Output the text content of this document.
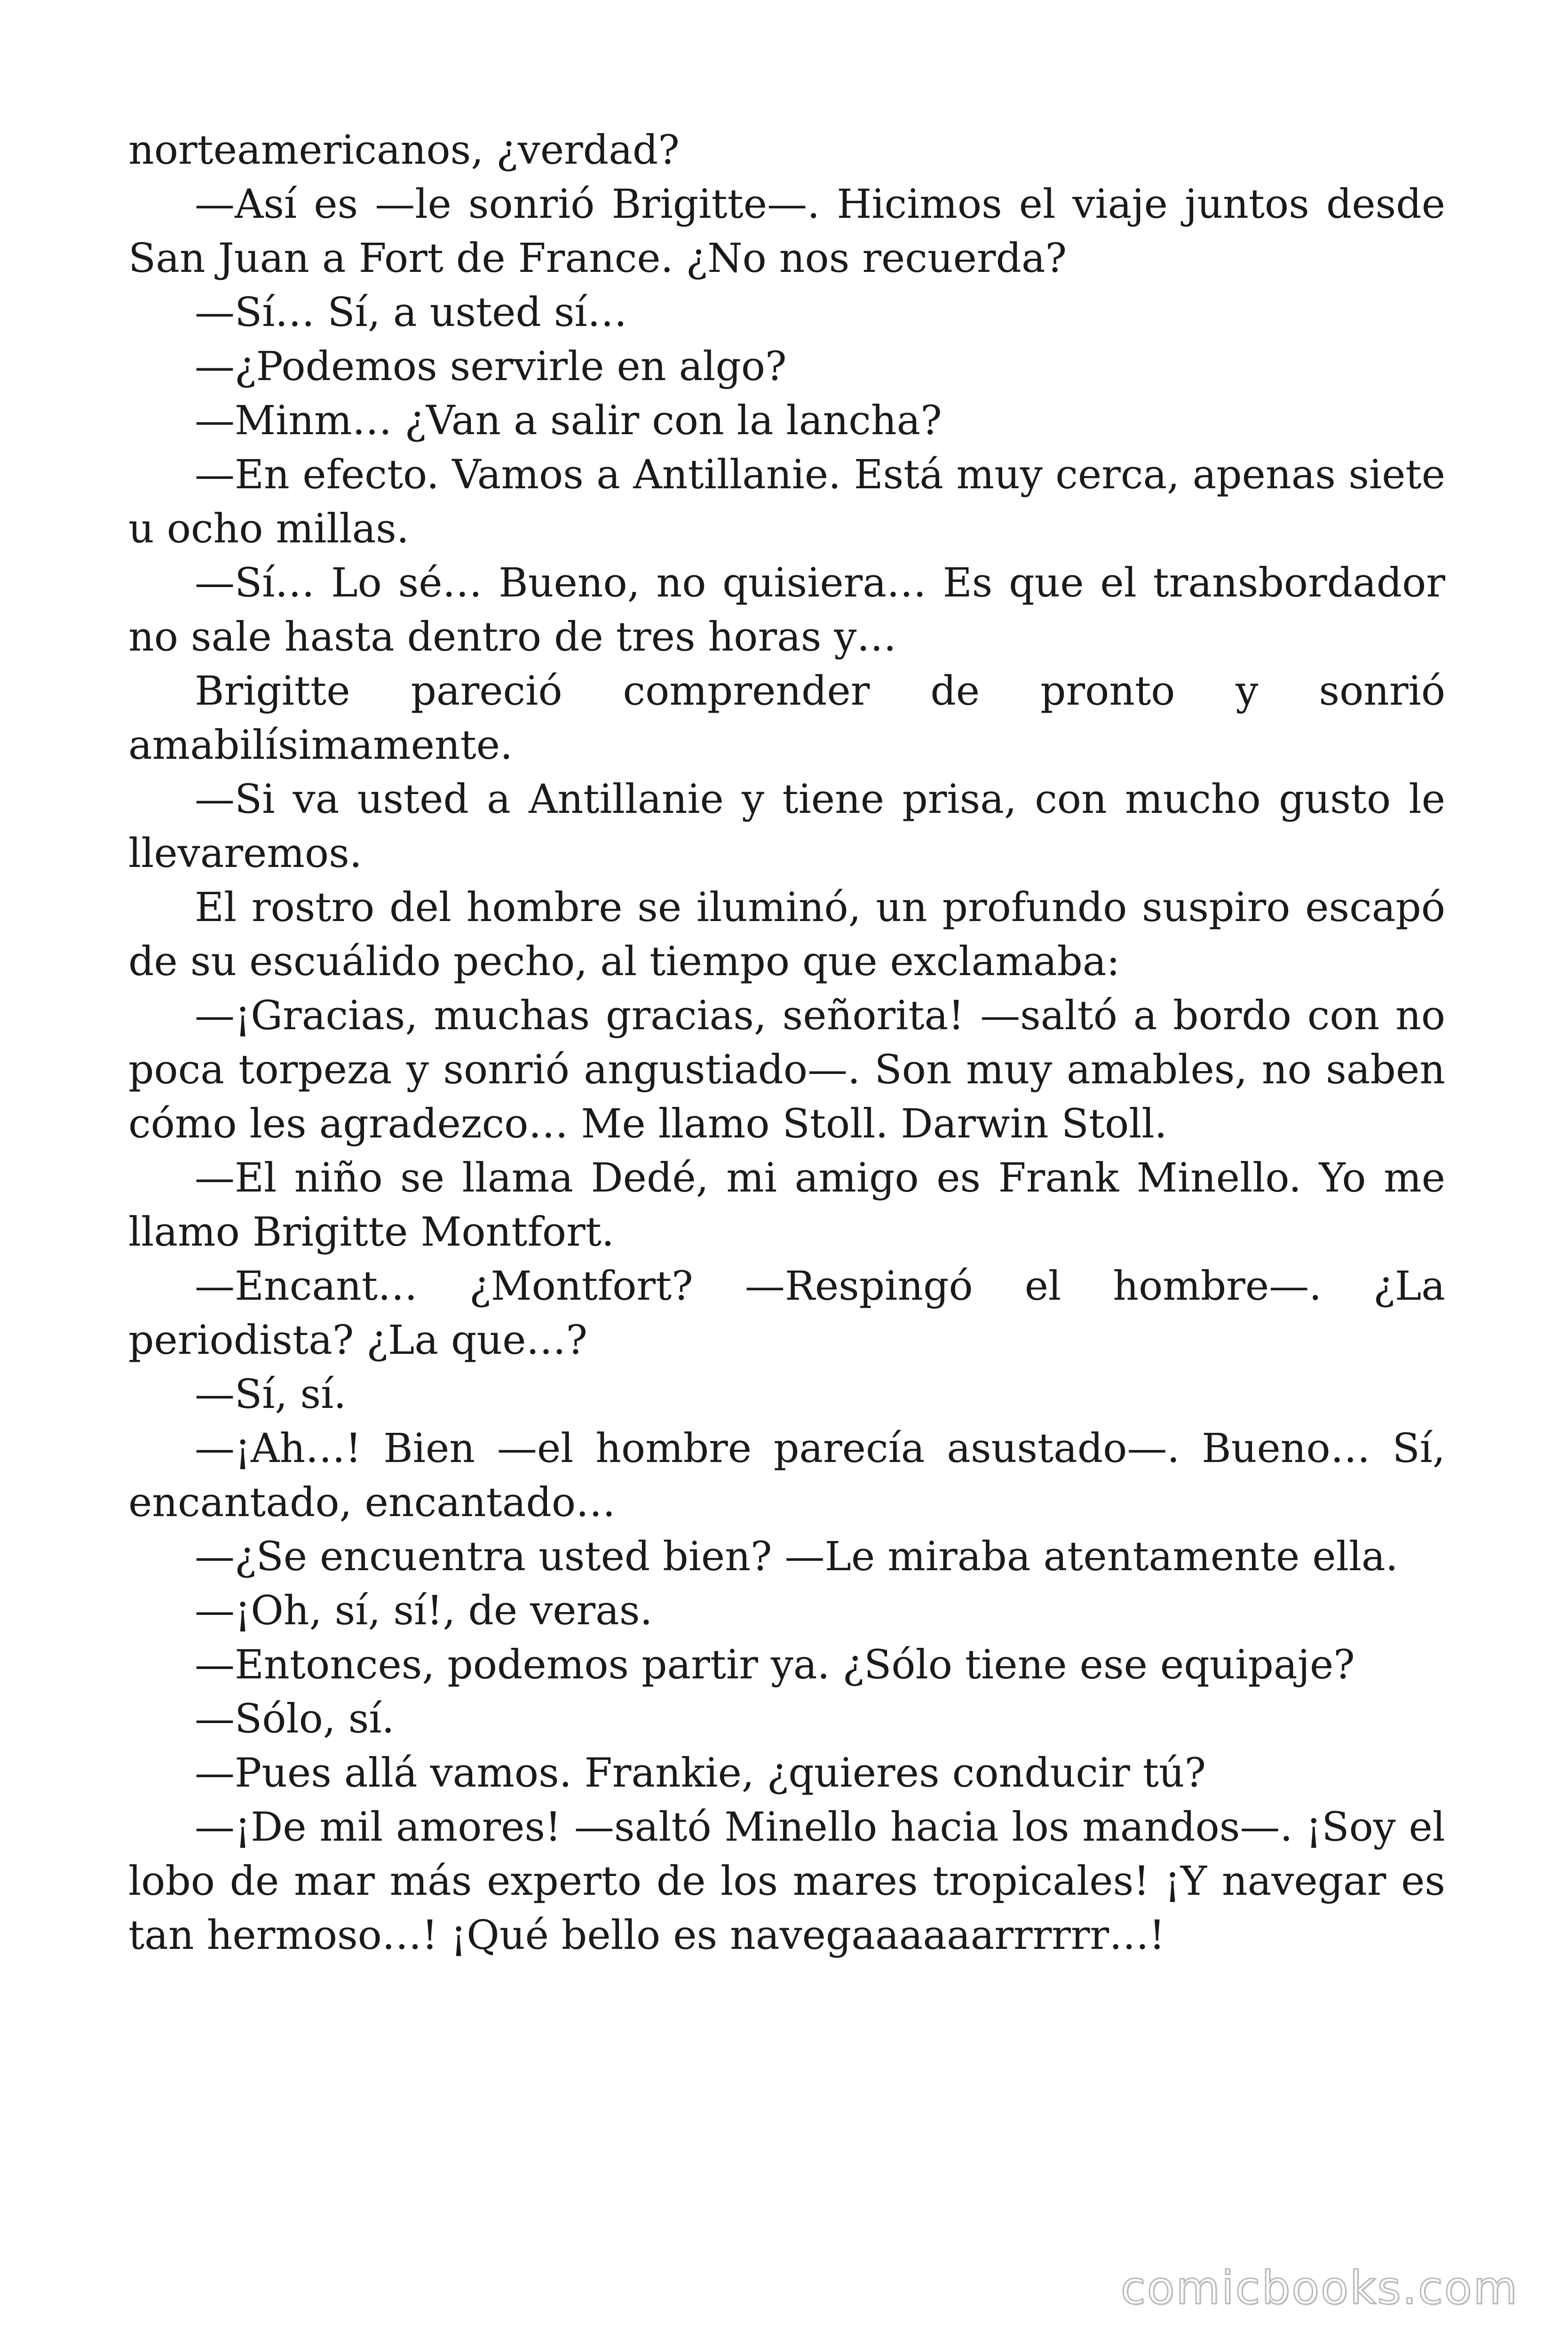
norteamericanos, ¿verdad?

—Así es —le sonrió Brigitte—. Hicimos el viaje juntos desde San Juan a Fort de France. ¿No nos recuerda?

—Sí… Sí, a usted sí…

—¿Podemos servirle en algo?

—Minm… ¿Van a salir con la lancha?

—En efecto. Vamos a Antillanie. Está muy cerca, apenas siete u ocho millas.

—Sí… Lo sé… Bueno, no quisiera… Es que el transbordador no sale hasta dentro de tres horas y…

Brigitte pareció comprender de pronto y sonrió amabilísimamente.

—Si va usted a Antillanie y tiene prisa, con mucho gusto le llevaremos.

El rostro del hombre se iluminó, un profundo suspiro escapó de su escuálido pecho, al tiempo que exclamaba:

—¡Gracias, muchas gracias, señorita! —saltó a bordo con no poca torpeza y sonrió angustiado—. Son muy amables, no saben cómo les agradezco… Me llamo Stoll. Darwin Stoll.

—El niño se llama Dedé, mi amigo es Frank Minello. Yo me llamo Brigitte Montfort.

—Encant… ¿Montfort? —Respingó el hombre—. ¿La periodista? ¿La que…?

—Sí, sí.

—¡Ah…! Bien —el hombre parecía asustado—. Bueno… Sí, encantado, encantado…

—¿Se encuentra usted bien? —Le miraba atentamente ella.

—¡Oh, sí, sí!, de veras.

—Entonces, podemos partir ya. ¿Sólo tiene ese equipaje?

—Sólo, sí.

—Pues allá vamos. Frankie, ¿quieres conducir tú?

—¡De mil amores! —saltó Minello hacia los mandos—. ¡Soy el lobo de mar más experto de los mares tropicales! ¡Y navegar es tan hermoso…! ¡Qué bello es navegaaaaaarrrrrr…!

comicbooks.com
